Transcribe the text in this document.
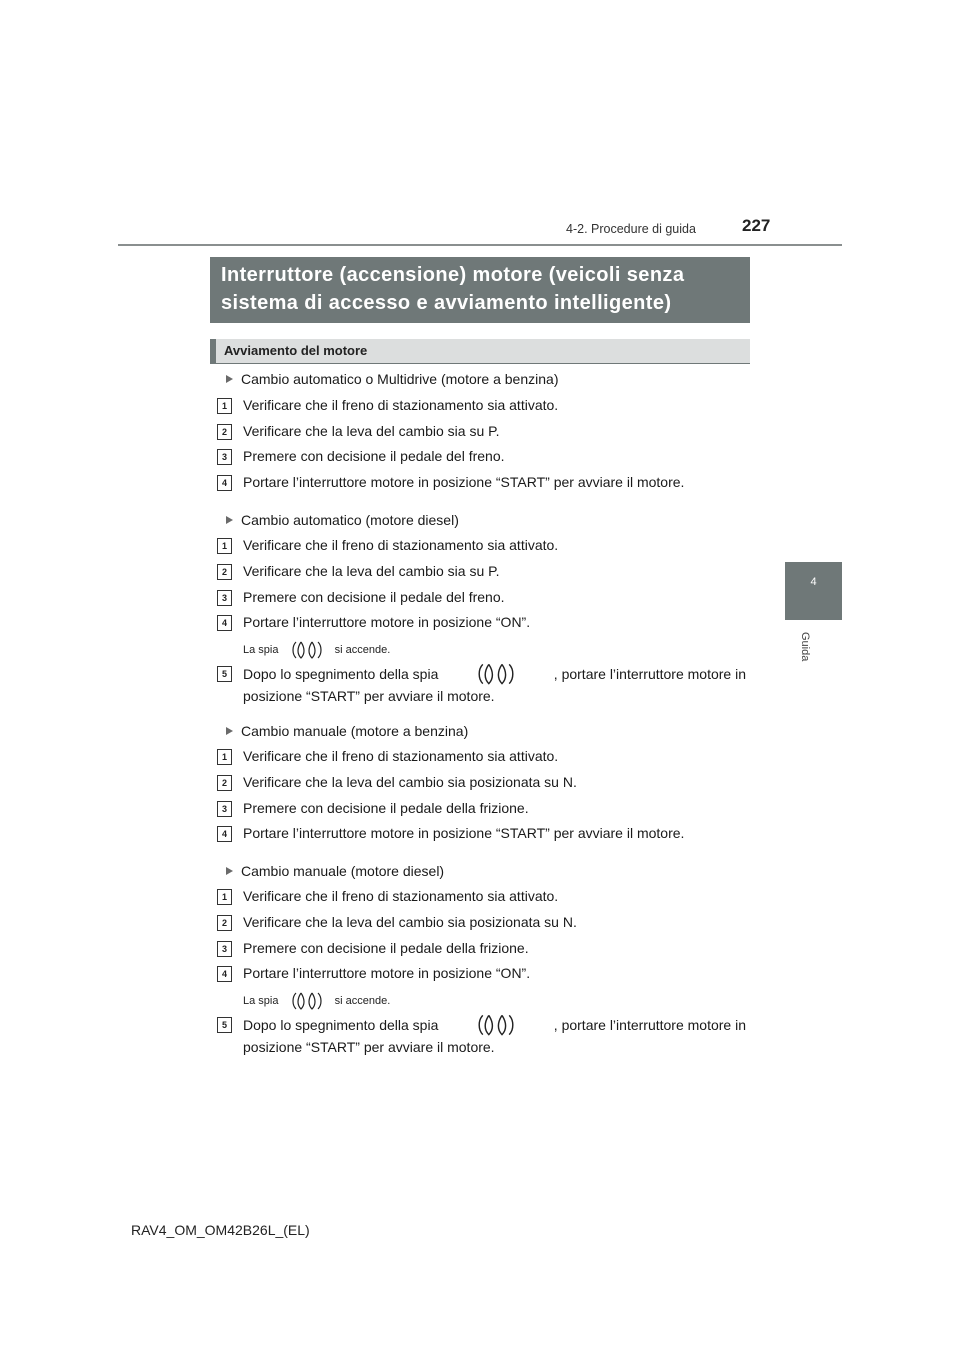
227
4-2. Procedure di guida
4
Guida
Interruttore (accensione) motore (veicoli senza
sistema di accesso e avviamento intelligente)
Avviamento del motore
Cambio automatico o Multidrive (motore a benzina)
1	Verificare che il freno di stazionamento sia attivato.
2	Verificare che la leva del cambio sia su P.
3	Premere con decisione il pedale del freno.
4	Portare l’interruttore motore in posizione “START” per avviare il motore.
Cambio automatico (motore diesel)
1	Verificare che il freno di stazionamento sia attivato.
2	Verificare che la leva del cambio sia su P.
3	Premere con decisione il pedale del freno.
4	Portare l’interruttore motore in posizione “ON”.
La spia	si accende.
5	Dopo lo spegnimento della spia	, portare l’interruttore motore in
posizione “START” per avviare il motore.
Cambio manuale (motore a benzina)
1	Verificare che il freno di stazionamento sia attivato.
2	Verificare che la leva del cambio sia posizionata su N.
3	Premere con decisione il pedale della frizione.
4	Portare l’interruttore motore in posizione “START” per avviare il motore.
Cambio manuale (motore diesel)
1	Verificare che il freno di stazionamento sia attivato.
2	Verificare che la leva del cambio sia posizionata su N.
3	Premere con decisione il pedale della frizione.
4	Portare l’interruttore motore in posizione “ON”.
La spia	si accende.
5	Dopo lo spegnimento della spia	, portare l’interruttore motore in
posizione “START” per avviare il motore.
RAV4_OM_OM42B26L_(EL)
